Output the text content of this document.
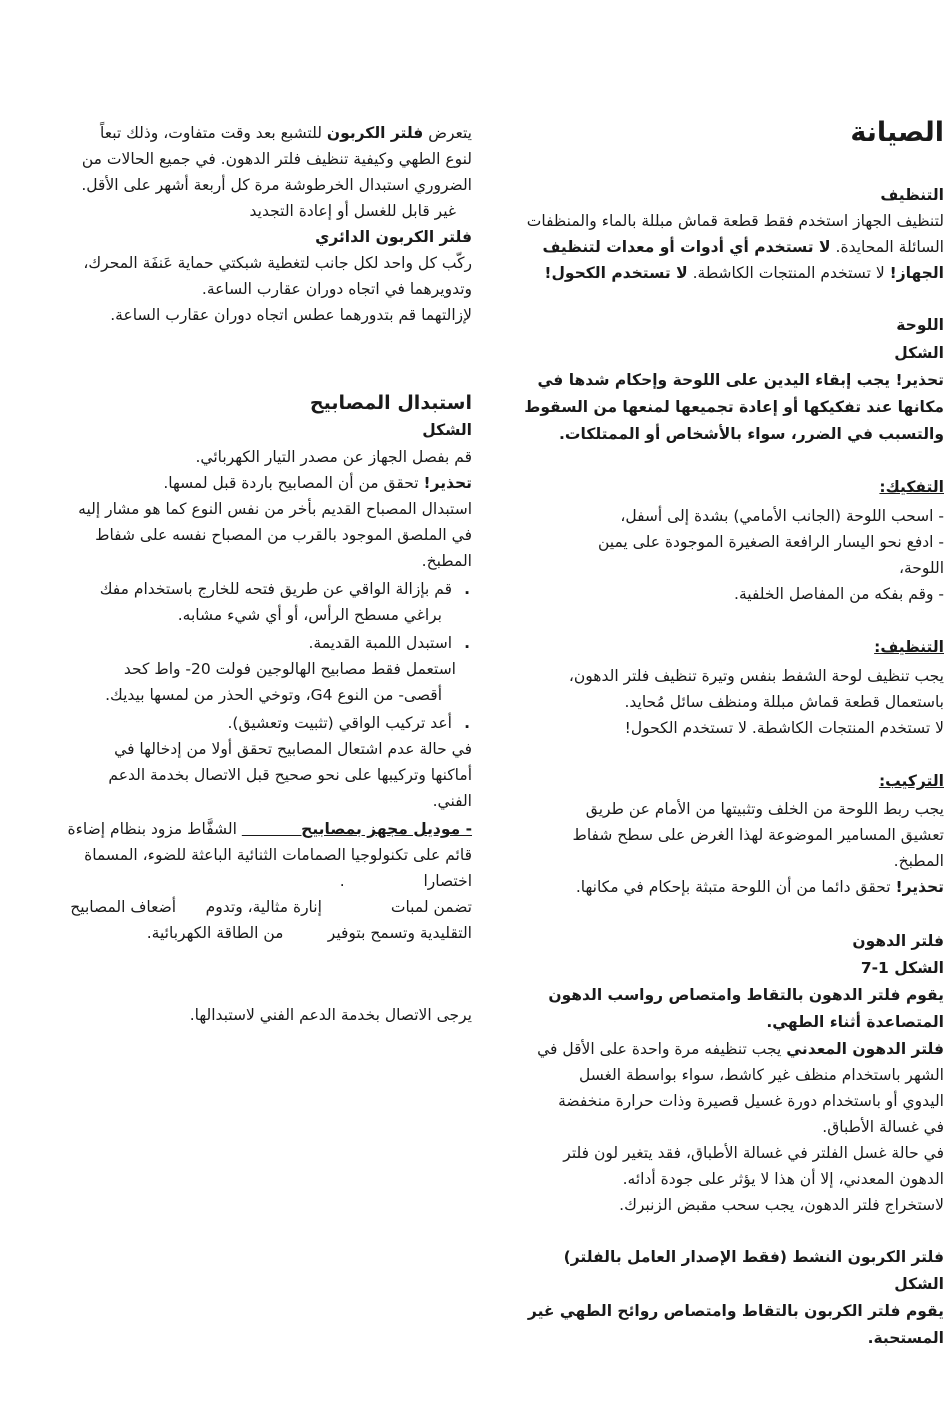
الصيانة
التنظيف
لتنظيف الجهاز استخدم فقط قطعة قماش مبللة بالماء والمنظفات
السائلة المحايدة. لا تستخدم أي أدوات أو معدات لتنظيف
الجهاز! لا تستخدم المنتجات الكاشطة. لا تستخدم الكحول!
اللوحة
الشكل
تحذير! يجب إبقاء اليدين على اللوحة وإحكام شدها في
مكانها عند تفكيكها أو إعادة تجميعها لمنعها من السقوط
والتسبب في الضرر، سواء بالأشخاص أو الممتلكات.
التفكيك:
- اسحب اللوحة (الجانب الأمامي) بشدة إلى أسفل،
- ادفع نحو اليسار الرافعة الصغيرة الموجودة على يمين
اللوحة،
- وقم بفكه من المفاصل الخلفية.
التنظيف:
يجب تنظيف لوحة الشفط بنفس وتيرة تنظيف فلتر الدهون،
باستعمال قطعة قماش مبللة ومنظف سائل مُحايد.
لا تستخدم المنتجات الكاشطة. لا تستخدم الكحول!
التركيب:
يجب ربط اللوحة من الخلف وتثبيتها من الأمام عن طريق
تعشيق المسامير الموضوعة لهذا الغرض على سطح شفاط
المطبخ.
تحذير! تحقق دائما من أن اللوحة متبثة بإحكام في مكانها.
فلتر الدهون
الشكل 1-7
يقوم فلتر الدهون بالتقاط وامتصاص رواسب الدهون
المتصاعدة أثناء الطهي.
فلتر الدهون المعدني يجب تنظيفه مرة واحدة على الأقل في
الشهر باستخدام منظف غير كاشط، سواء بواسطة الغسل
اليدوي أو باستخدام دورة غسيل قصيرة وذات حرارة منخفضة
في غسالة الأطباق.
في حالة غسل الفلتر في غسالة الأطباق، فقد يتغير لون فلتر
الدهون المعدني، إلا أن هذا لا يؤثر على جودة أدائه.
لاستخراج فلتر الدهون، يجب سحب مقبض الزنبرك.
فلتر الكربون النشط (فقط الإصدار العامل بالفلتر)
الشكل
يقوم فلتر الكربون بالتقاط وامتصاص روائح الطهي غير
المستحبة.
يتعرض فلتر الكربون للتشبع بعد وقت متفاوت، وذلك تبعاً
لنوع الطهي وكيفية تنظيف فلتر الدهون. في جميع الحالات من
الضروري استبدال الخرطوشة مرة كل أربعة أشهر على الأقل.
غير قابل للغسل أو إعادة التجديد
فلتر الكربون الدائري
ركّب كل واحد لكل جانب لتغطية شبكتي حماية عَنفَة المحرك،
وتدويرهما في اتجاه دوران عقارب الساعة.
لإزالتهما قم بتدورهما عطس اتجاه دوران عقارب الساعة.
استبدال المصابيح
الشكل
قم بفصل الجهاز عن مصدر التيار الكهربائي.
تحذير! تحقق من أن المصابيح باردة قبل لمسها.
استبدال المصباح القديم بأخر من نفس النوع كما هو مشار إليه
في الملصق الموجود بالقرب من المصباح نفسه على شفاط
المطبخ.
.
قم بإزالة الواقي عن طريق فتحه للخارج باستخدام مفك
براغي مسطح الرأس، أو أي شيء مشابه.
.
استبدل اللمبة القديمة.
استعمل فقط مصابيح الهالوجين فولت 20- واط كحد
أقصى- من النوع G4، وتوخي الحذر من لمسها بيديك.
.
أعد تركيب الواقي (تثبيت وتعشيق).
في حالة عدم اشتعال المصابيح تحقق أولا من إدخالها في
أماكنها وتركيبها على نحو صحيح قبل الاتصال بخدمة الدعم
الفني.
- موديل مجهز بمصابيح            الشفَّاط مزود بنظام إضاءة
قائم على تكنولوجيا الصمامات الثنائية الباعثة للضوء، المسماة
اختصارا                .
تضمن لمبات              إنارة مثالية، وتدوم      أضعاف المصابيح
التقليدية وتسمح بتوفير         من الطاقة الكهربائية.
يرجى الاتصال بخدمة الدعم الفني لاستبدالها.
